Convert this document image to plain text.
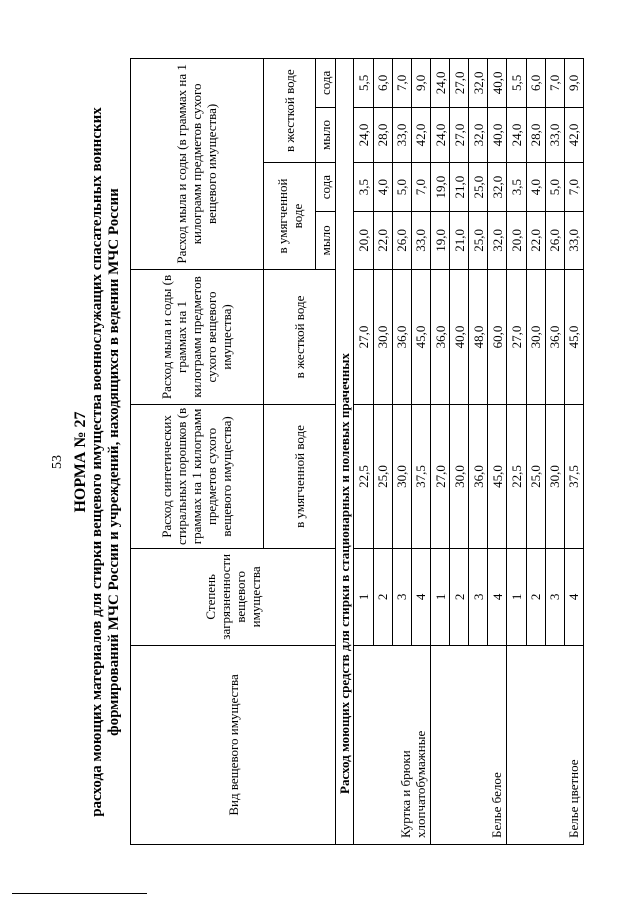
53 НОРМА № 27 расхода моющих материалов для стирки вещевого имущества военнослужащих спасательных воинских формирований МЧС России и учреждений, находящихся в ведении МЧС России
Вид вещевого имущества	Степень загрязненности вещевого имущества	Расход синтетических стиральных порошков (в граммах на 1 килограмм предметов сухого вещевого имущества)	Расход мыла и соды (в граммах на 1 килограмм предметов сухого вещевого имущества)	Расход мыла и соды (в граммах на 1 килограмм предметов сухого вещевого имущества)			
		в умягченной воде	в жесткой воде	в умягченной воде		в жесткой воде	
				мыло	сода	мыло	сода
Расход моющих средств для стирки в стационарных и полевых прачечных							
Куртка и брюки хлопчатобумажные	1	22,5	27,0	20,0	3,5	24,0	5,5
	2	25,0	30,0	22,0	4,0	28,0	6,0
	3	30,0	36,0	26,0	5,0	33,0	7,0
	4	37,5	45,0	33,0	7,0	42,0	9,0
Белье белое	1	27,0	36,0	19,0	19,0	24,0	24,0
	2	30,0	40,0	21,0	21,0	27,0	27,0
	3	36,0	48,0	25,0	25,0	32,0	32,0
	4	45,0	60,0	32,0	32,0	40,0	40,0
Белье цветное	1	22,5	27,0	20,0	3,5	24,0	5,5
	2	25,0	30,0	22,0	4,0	28,0	6,0
	3	30,0	36,0	26,0	5,0	33,0	7,0
	4	37,5	45,0	33,0	7,0	42,0	9,0
